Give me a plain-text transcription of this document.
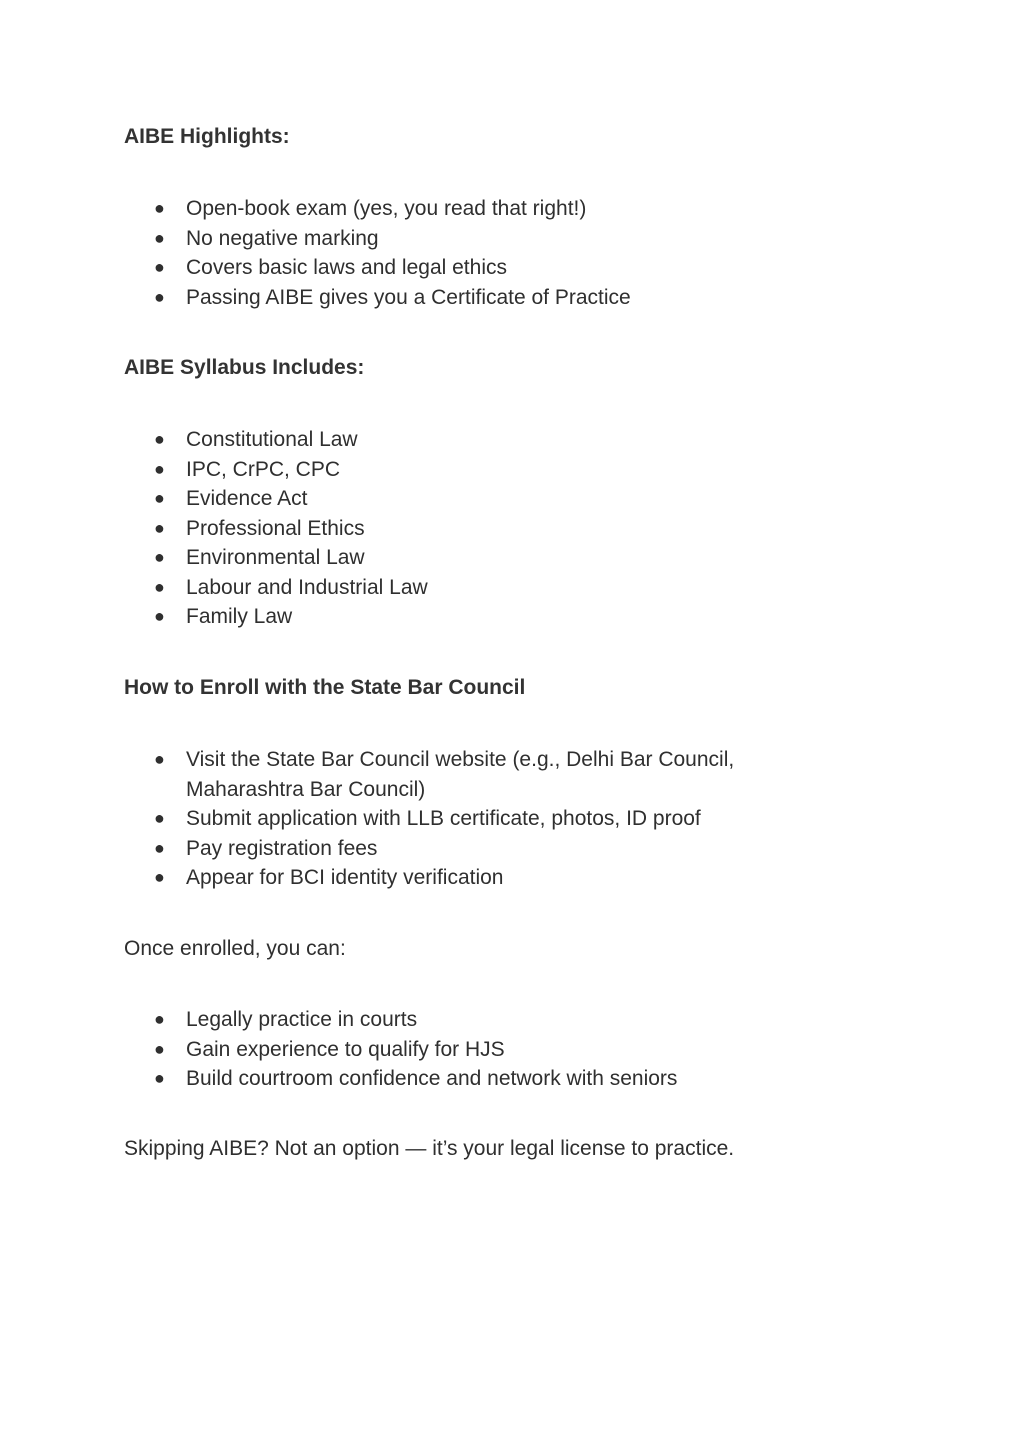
AIBE Highlights:
● Open-book exam (yes, you read that right!)
● No negative marking
● Covers basic laws and legal ethics
● Passing AIBE gives you a Certificate of Practice
AIBE Syllabus Includes:
● Constitutional Law
● IPC, CrPC, CPC
● Evidence Act
● Professional Ethics
● Environmental Law
● Labour and Industrial Law
● Family Law
How to Enroll with the State Bar Council
● Visit the State Bar Council website (e.g., Delhi Bar Council, Maharashtra Bar Council)
● Submit application with LLB certificate, photos, ID proof
● Pay registration fees
● Appear for BCI identity verification
Once enrolled, you can:
● Legally practice in courts
● Gain experience to qualify for HJS
● Build courtroom confidence and network with seniors
Skipping AIBE? Not an option — it’s your legal license to practice.
